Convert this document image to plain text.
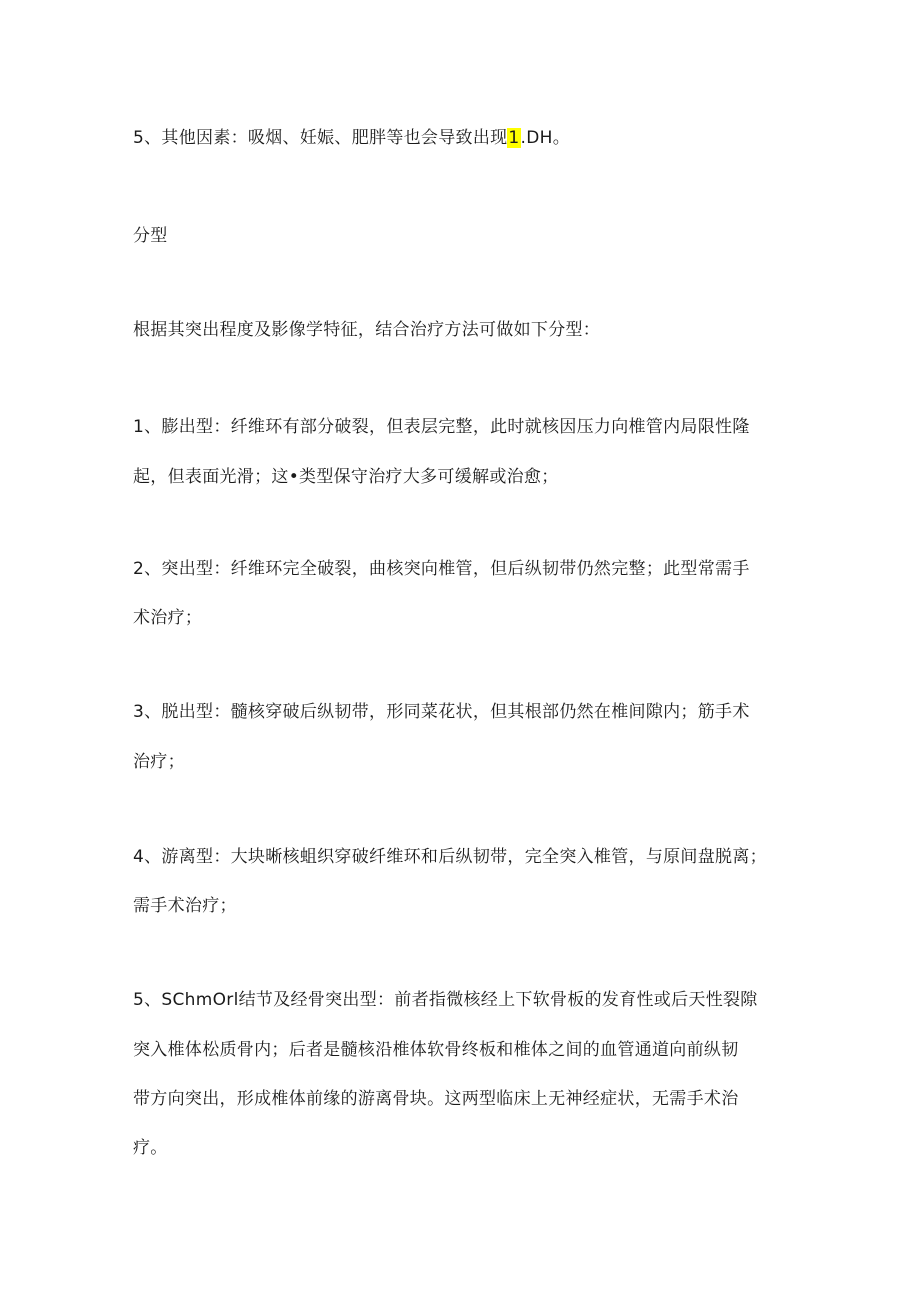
5、其他因素：吸烟、妊娠、肥胖等也会导致出现1.DH。
分型
根据其突出程度及影像学特征，结合治疗方法可做如下分型：
1、膨出型：纤维环有部分破裂，但表层完整，此时就核因压力向椎管内局限性隆
起，但表面光滑；这•类型保守治疗大多可缓解或治愈；
2、突出型：纤维环完全破裂，曲核突向椎管，但后纵韧带仍然完整；此型常需手
术治疗；
3、脱出型：髓核穿破后纵韧带，形同菜花状，但其根部仍然在椎间隙内；筋手术
治疗；
4、游离型：大块晰核蛆织穿破纤维环和后纵韧带，完全突入椎管，与原间盘脱离；
需手术治疗；
5、SChmOrl结节及经骨突出型：前者指微核经上下软骨板的发育性或后天性裂隙
突入椎体松质骨内；后者是髓核沿椎体软骨终板和椎体之间的血管通道向前纵韧
带方向突出，形成椎体前缘的游离骨块。这两型临床上无神经症状，无需手术治
疗。
